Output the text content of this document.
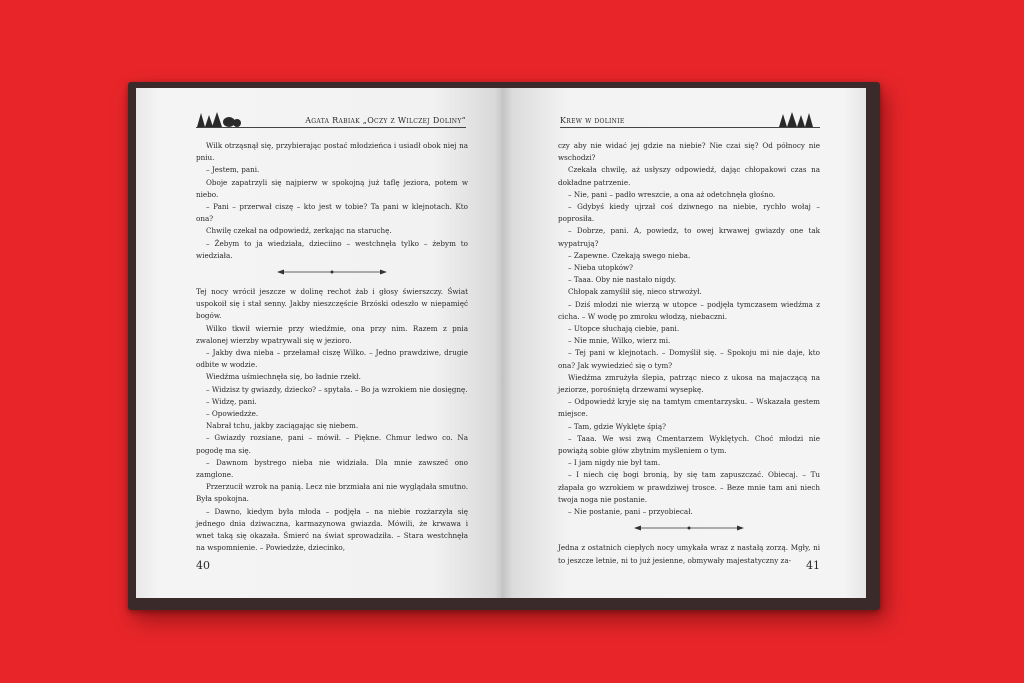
Agata Rabiak „Oczy z Wilczej Doliny”

Wilk otrząsnął się, przybierając postać młodzieńca i usiadł obok niej na pniu.

– Jestem, pani.

Oboje zapatrzyli się najpierw w spokojną już taflę jeziora, potem w niebo.

– Pani – przerwał ciszę – kto jest w tobie? Ta pani w klejnotach. Kto ona?

Chwilę czekał na odpowiedź, zerkając na staruchę.

– Żebym to ja wiedziała, dzieciino – westchnęła tylko – żebym to wiedziała.

Tej nocy wrócił jeszcze w dolinę rechot żab i głosy świerszczy. Świat uspokoił się i stał senny. Jakby nieszczęście Brzóski odeszło w niepamięć bogów.

Wilko tkwił wiernie przy wiedźmie, ona przy nim. Razem z pnia zwalonej wierzby wpatrywali się w jezioro.

– Jakby dwa nieba – przełamał ciszę Wilko. – Jedno prawdziwe, drugie odbite w wodzie.

Wiedźma uśmiechnęła się, bo ładnie rzekł.

– Widzisz ty gwiazdy, dziecko? – spytała. – Bo ja wzrokiem nie dosięgnę.

– Widzę, pani.

– Opowiedzże.

Nabrał tchu, jakby zaciągając się niebem.

– Gwiazdy rozsiane, pani – mówił. – Piękne. Chmur ledwo co. Na pogodę ma się.

– Dawnom bystrego nieba nie widziała. Dla mnie zawszeć ono zamglone.

Przerzucił wzrok na panią. Lecz nie brzmiała ani nie wyglądała smutno. Była spokojna.

– Dawno, kiedym była młoda – podjęła – na niebie rozżarzyła się jednego dnia dziwaczna, karmazynowa gwiazda. Mówili, że krwawa i wnet taką się okazała. Śmierć na świat sprowadziła. – Stara westchnęła na wspomnienie. – Powiedzże, dziecinko,

40
Krew w dolinie

czy aby nie widać jej gdzie na niebie? Nie czai się? Od północy nie wschodzi?

Czekała chwilę, aż usłyszy odpowiedź, dając chłopakowi czas na dokładne patrzenie.

– Nie, pani – padło wreszcie, a ona aż odetchnęła głośno.

– Gdybyś kiedy ujrzał coś dziwnego na niebie, rychło wołaj – poprosiła.

– Dobrze, pani. A, powiedz, to owej krwawej gwiazdy one tak wypatrują?

– Zapewne. Czekają swego nieba.

– Nieba utopków?

– Taaa. Oby nie nastało nigdy.

Chłopak zamyślił się, nieco strwożył.

– Dziś młodzi nie wierzą w utopce – podjęła tymczasem wiedźma z cicha. – W wodę po zmroku włodzą, niebaczni.

– Utopce słuchają ciebie, pani.

– Nie mnie, Wilko, wierz mi.

– Tej pani w klejnotach. – Domyślił się. – Spokoju mi nie daje, kto ona? Jak wywiedzieć się o tym?

Wiedźma zmrużyła ślepia, patrząc nieco z ukosa na majaczącą na jeziorze, porośniętą drzewami wysepkę.

– Odpowiedź kryje się na tamtym cmentarzysku. – Wskazała gestem miejsce.

– Tam, gdzie Wyklęte śpią?

– Taaa. We wsi zwą Cmentarzem Wyklętych. Choć młodzi nie powiążą sobie głów zbytnim myśleniem o tym.

– I jam nigdy nie był tam.

– I niech cię bogi bronią, by się tam zapuszczać. Obiecaj. – Tu złapała go wzrokiem w prawdziwej trosce. – Beze mnie tam ani niech twoja noga nie postanie.

– Nie postanie, pani – przyobiecał.

Jedna z ostatnich ciepłych nocy umykała wraz z nastałą zorzą. Mgły, ni to jeszcze letnie, ni to już jesienne, obmywały majestatyczny za-	41
